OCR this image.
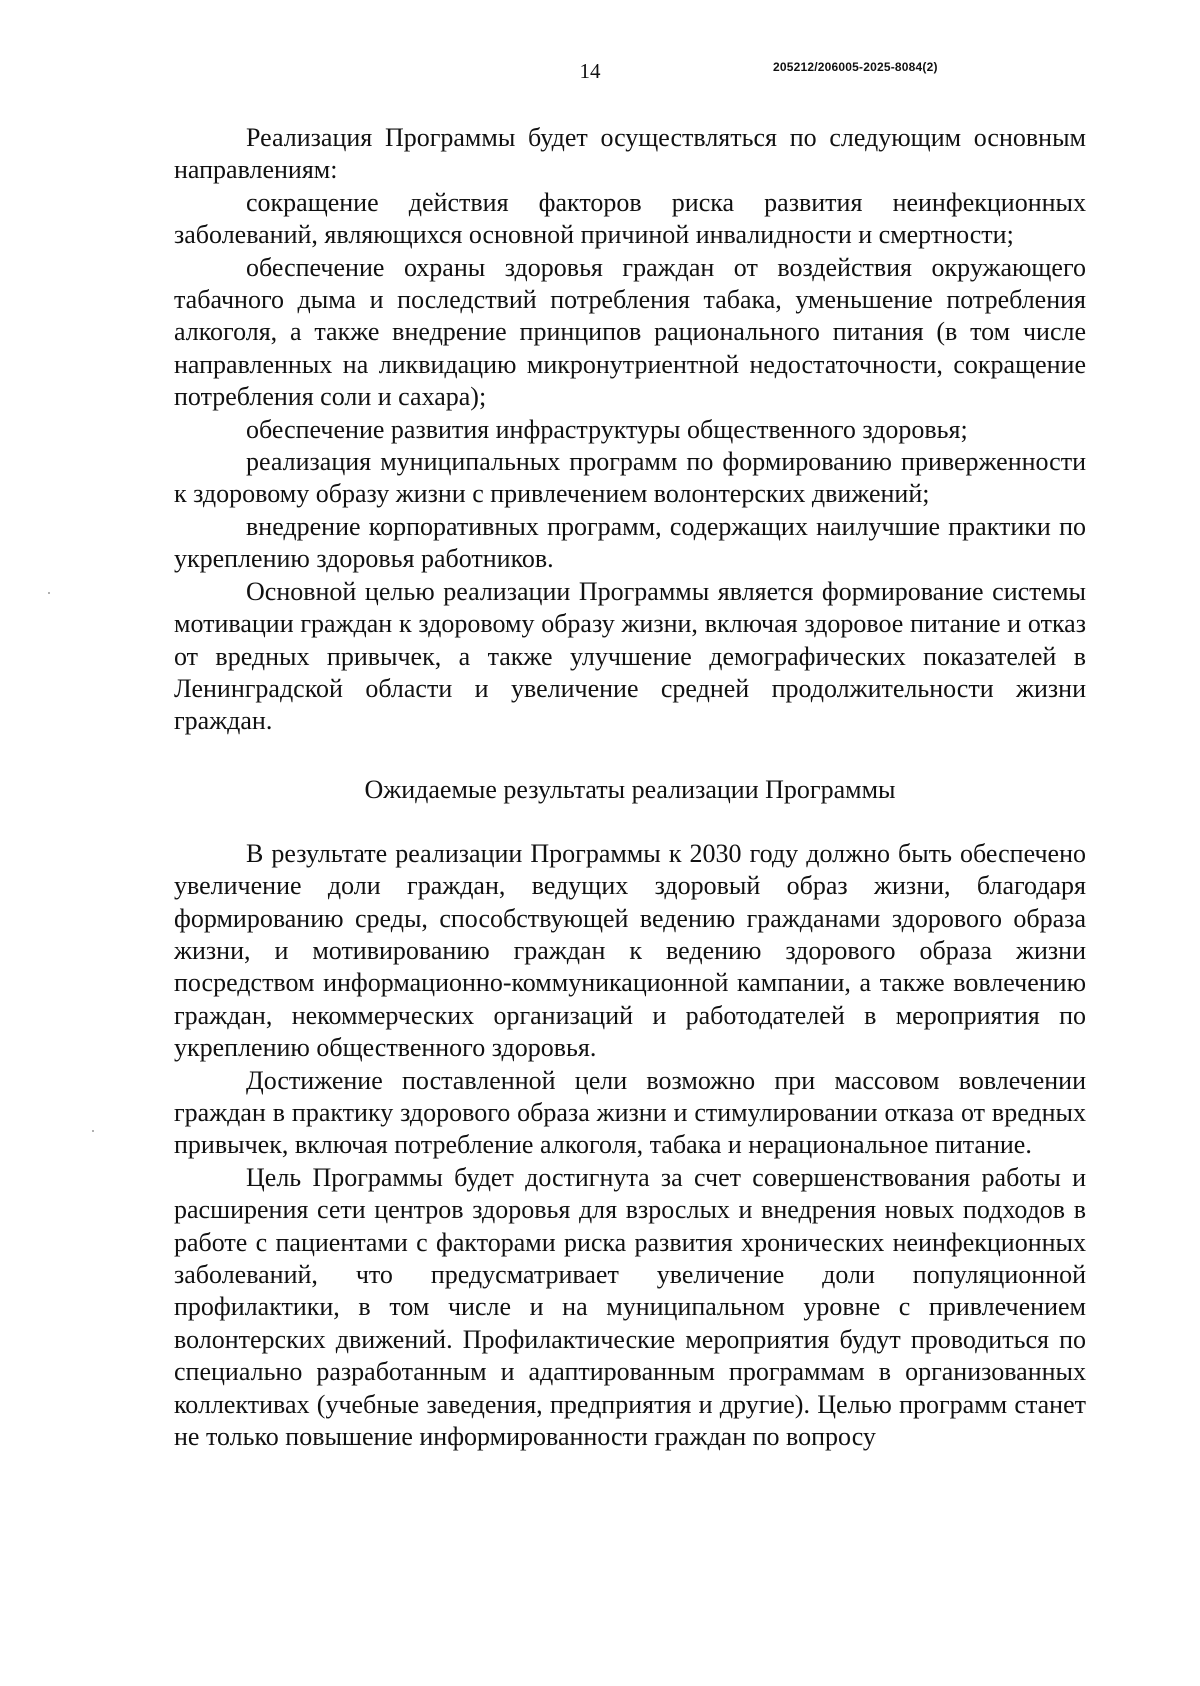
14	205212/206005-2025-8084(2)

Реализация Программы будет осуществляться по следующим основным направлениям:

сокращение действия факторов риска развития неинфекционных заболеваний, являющихся основной причиной инвалидности и смертности;

обеспечение охраны здоровья граждан от воздействия окружающего табачного дыма и последствий потребления табака, уменьшение потребления алкоголя, а также внедрение принципов рационального питания (в том числе направленных на ликвидацию микронутриентной недостаточности, сокращение потребления соли и сахара);

обеспечение развития инфраструктуры общественного здоровья;

реализация муниципальных программ по формированию приверженности к здоровому образу жизни с привлечением волонтерских движений;

внедрение корпоративных программ, содержащих наилучшие практики по укреплению здоровья работников.

Основной целью реализации Программы является формирование системы мотивации граждан к здоровому образу жизни, включая здоровое питание и отказ от вредных привычек, а также улучшение демографических показателей в Ленинградской области и увеличение средней продолжительности жизни граждан.

Ожидаемые результаты реализации Программы

В результате реализации Программы к 2030 году должно быть обеспечено увеличение доли граждан, ведущих здоровый образ жизни, благодаря формированию среды, способствующей ведению гражданами здорового образа жизни, и мотивированию граждан к ведению здорового образа жизни посредством информационно-коммуникационной кампании, а также вовлечению граждан, некоммерческих организаций и работодателей в мероприятия по укреплению общественного здоровья.

Достижение поставленной цели возможно при массовом вовлечении граждан в практику здорового образа жизни и стимулировании отказа от вредных привычек, включая потребление алкоголя, табака и нерациональное питание.

Цель Программы будет достигнута за счет совершенствования работы и расширения сети центров здоровья для взрослых и внедрения новых подходов в работе с пациентами с факторами риска развития хронических неинфекционных заболеваний, что предусматривает увеличение доли популяционной профилактики, в том числе и на муниципальном уровне с привлечением волонтерских движений. Профилактические мероприятия будут проводиться по специально разработанным и адаптированным программам в организованных коллективах (учебные заведения, предприятия и другие). Целью программ станет не только повышение информированности граждан по вопросу
